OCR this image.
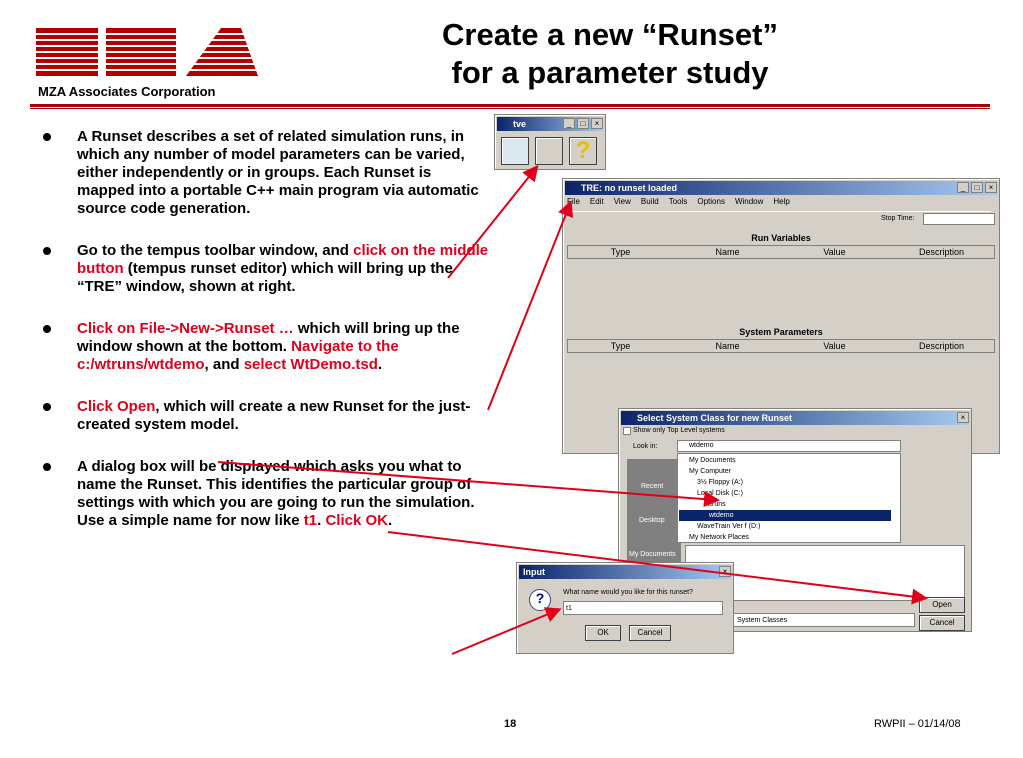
MZA Associates Corporation
Create a new “Runset”
for a parameter study
A Runset describes a set of related simulation runs, in which any number of model parameters can be varied, either independently or in groups. Each Runset is mapped into a portable C++ main program via automatic source code generation.
Go to the tempus toolbar window, and click on the middle button (tempus runset editor) which will bring up the “TRE” window, shown at right.
Click on File->New->Runset … which will bring up the window shown at the bottom. Navigate to the c:/wtruns/wtdemo, and select WtDemo.tsd.
Click Open, which will create a new Runset for the just-created system model.
A dialog box will be displayed which asks you what to name the Runset. This identifies the particular group of settings with which you are going to run the simulation. Use a simple name for now like t1. Click OK.
tve	_	□	×
?
TRE: no runset loaded	_	□	×
File Edit View Build Tools Options Window Help
Stop Time:
Run Variables
Type	Name	Value	Description
System Parameters
Type	Name	Value	Description
Select System Class for new Runset	×
Show only Top Level systems
Look in:	wtdemo
Recent
Desktop
My Documents
My Documents
My Computer
3½ Floppy (A:)
Local Disk (C:)
wtruns
wtdemo
WaveTrain Ver f (D:)
My Network Places
System Classes
Open
Cancel
Input	×
?	What name would you like for this runset?
t1
OK	Cancel
18	RWPII – 01/14/08
